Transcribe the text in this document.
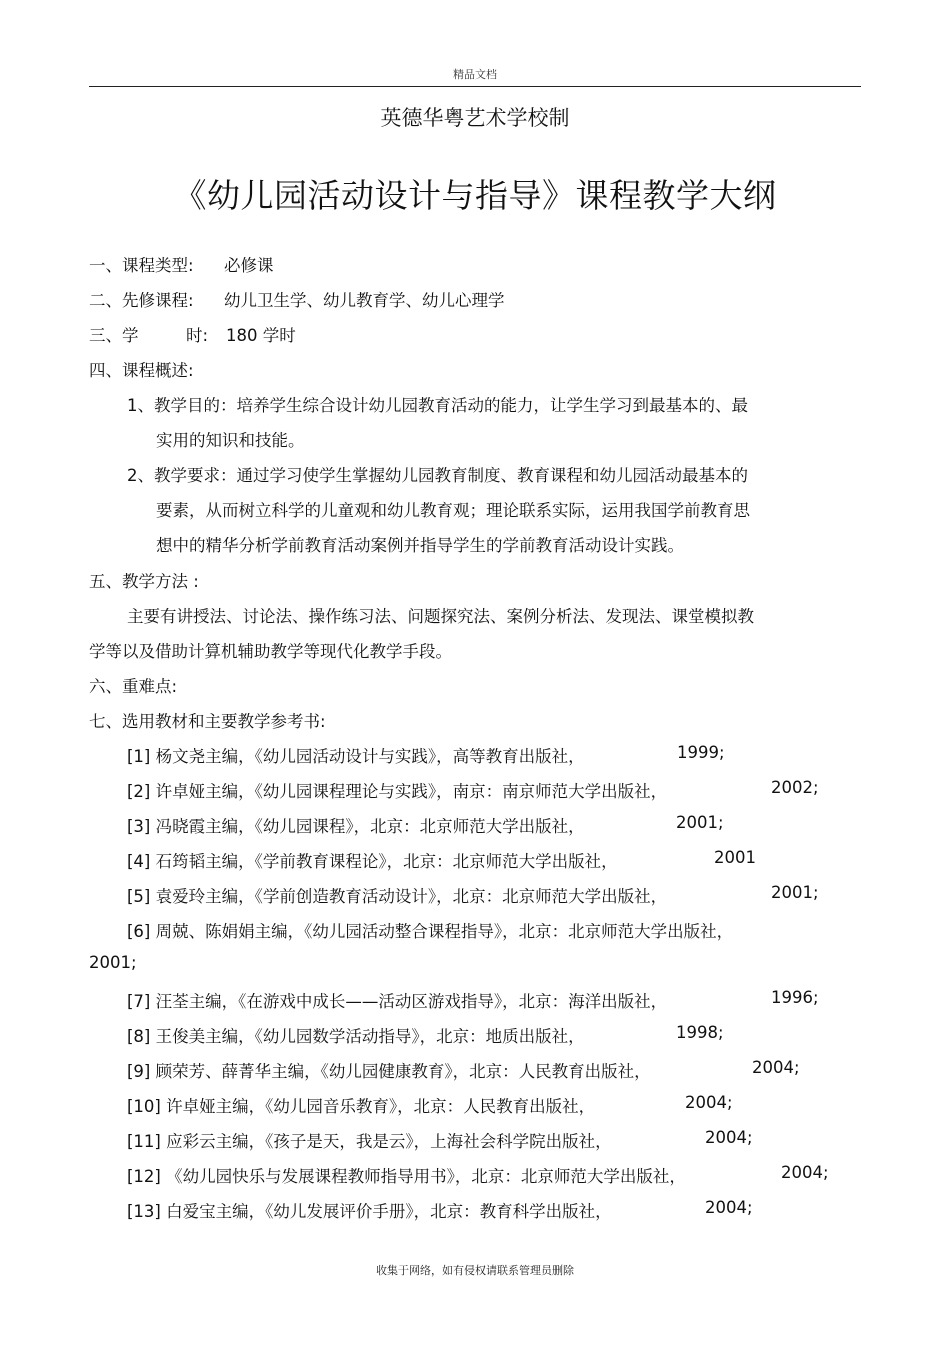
精品文档
英德华粤艺术学校制
《幼儿园活动设计与指导》课程教学大纲
一、课程类型: 必修课
二、先修课程: 幼儿卫生学、幼儿教育学、幼儿心理学
三、学	时: 180 学时
四、课程概述:
1、教学目的：培养学生综合设计幼儿园教育活动的能力，让学生学习到最基本的、最
实用的知识和技能。
2、教学要求：通过学习使学生掌握幼儿园教育制度、教育课程和幼儿园活动最基本的
要素，从而树立科学的儿童观和幼儿教育观；理论联系实际，运用我国学前教育思
想中的精华分析学前教育活动案例并指导学生的学前教育活动设计实践。
五、教学方法 :
主要有讲授法、讨论法、操作练习法、问题探究法、案例分析法、发现法、课堂模拟教
学等以及借助计算机辅助教学等现代化教学手段。
六、重难点:
七、选用教材和主要教学参考书:
[1] 杨文尧主编，《幼儿园活动设计与实践》，高等教育出版社，	1999;
[2] 许卓娅主编，《幼儿园课程理论与实践》，南京：南京师范大学出版社，	2002;
[3] 冯晓霞主编，《幼儿园课程》，北京：北京师范大学出版社，	2001;
[4] 石筠韬主编，《学前教育课程论》，北京：北京师范大学出版社，	2001
[5] 袁爱玲主编，《学前创造教育活动设计》，北京：北京师范大学出版社，	2001;
[6] 周兢、陈娟娟主编，《幼儿园活动整合课程指导》，北京：北京师范大学出版社，
2001;
[7] 汪荃主编，《在游戏中成长——活动区游戏指导》，北京：海洋出版社，	1996;
[8] 王俊美主编，《幼儿园数学活动指导》，北京：地质出版社，	1998;
[9] 顾荣芳、薛菁华主编，《幼儿园健康教育》，北京：人民教育出版社，	2004;
[10] 许卓娅主编，《幼儿园音乐教育》，北京：人民教育出版社，	2004;
[11] 应彩云主编，《孩子是天，我是云》，上海社会科学院出版社，	2004;
[12] 《幼儿园快乐与发展课程教师指导用书》，北京：北京师范大学出版社，	2004;
[13] 白爱宝主编，《幼儿发展评价手册》，北京：教育科学出版社，	2004;
收集于网络，如有侵权请联系管理员删除
